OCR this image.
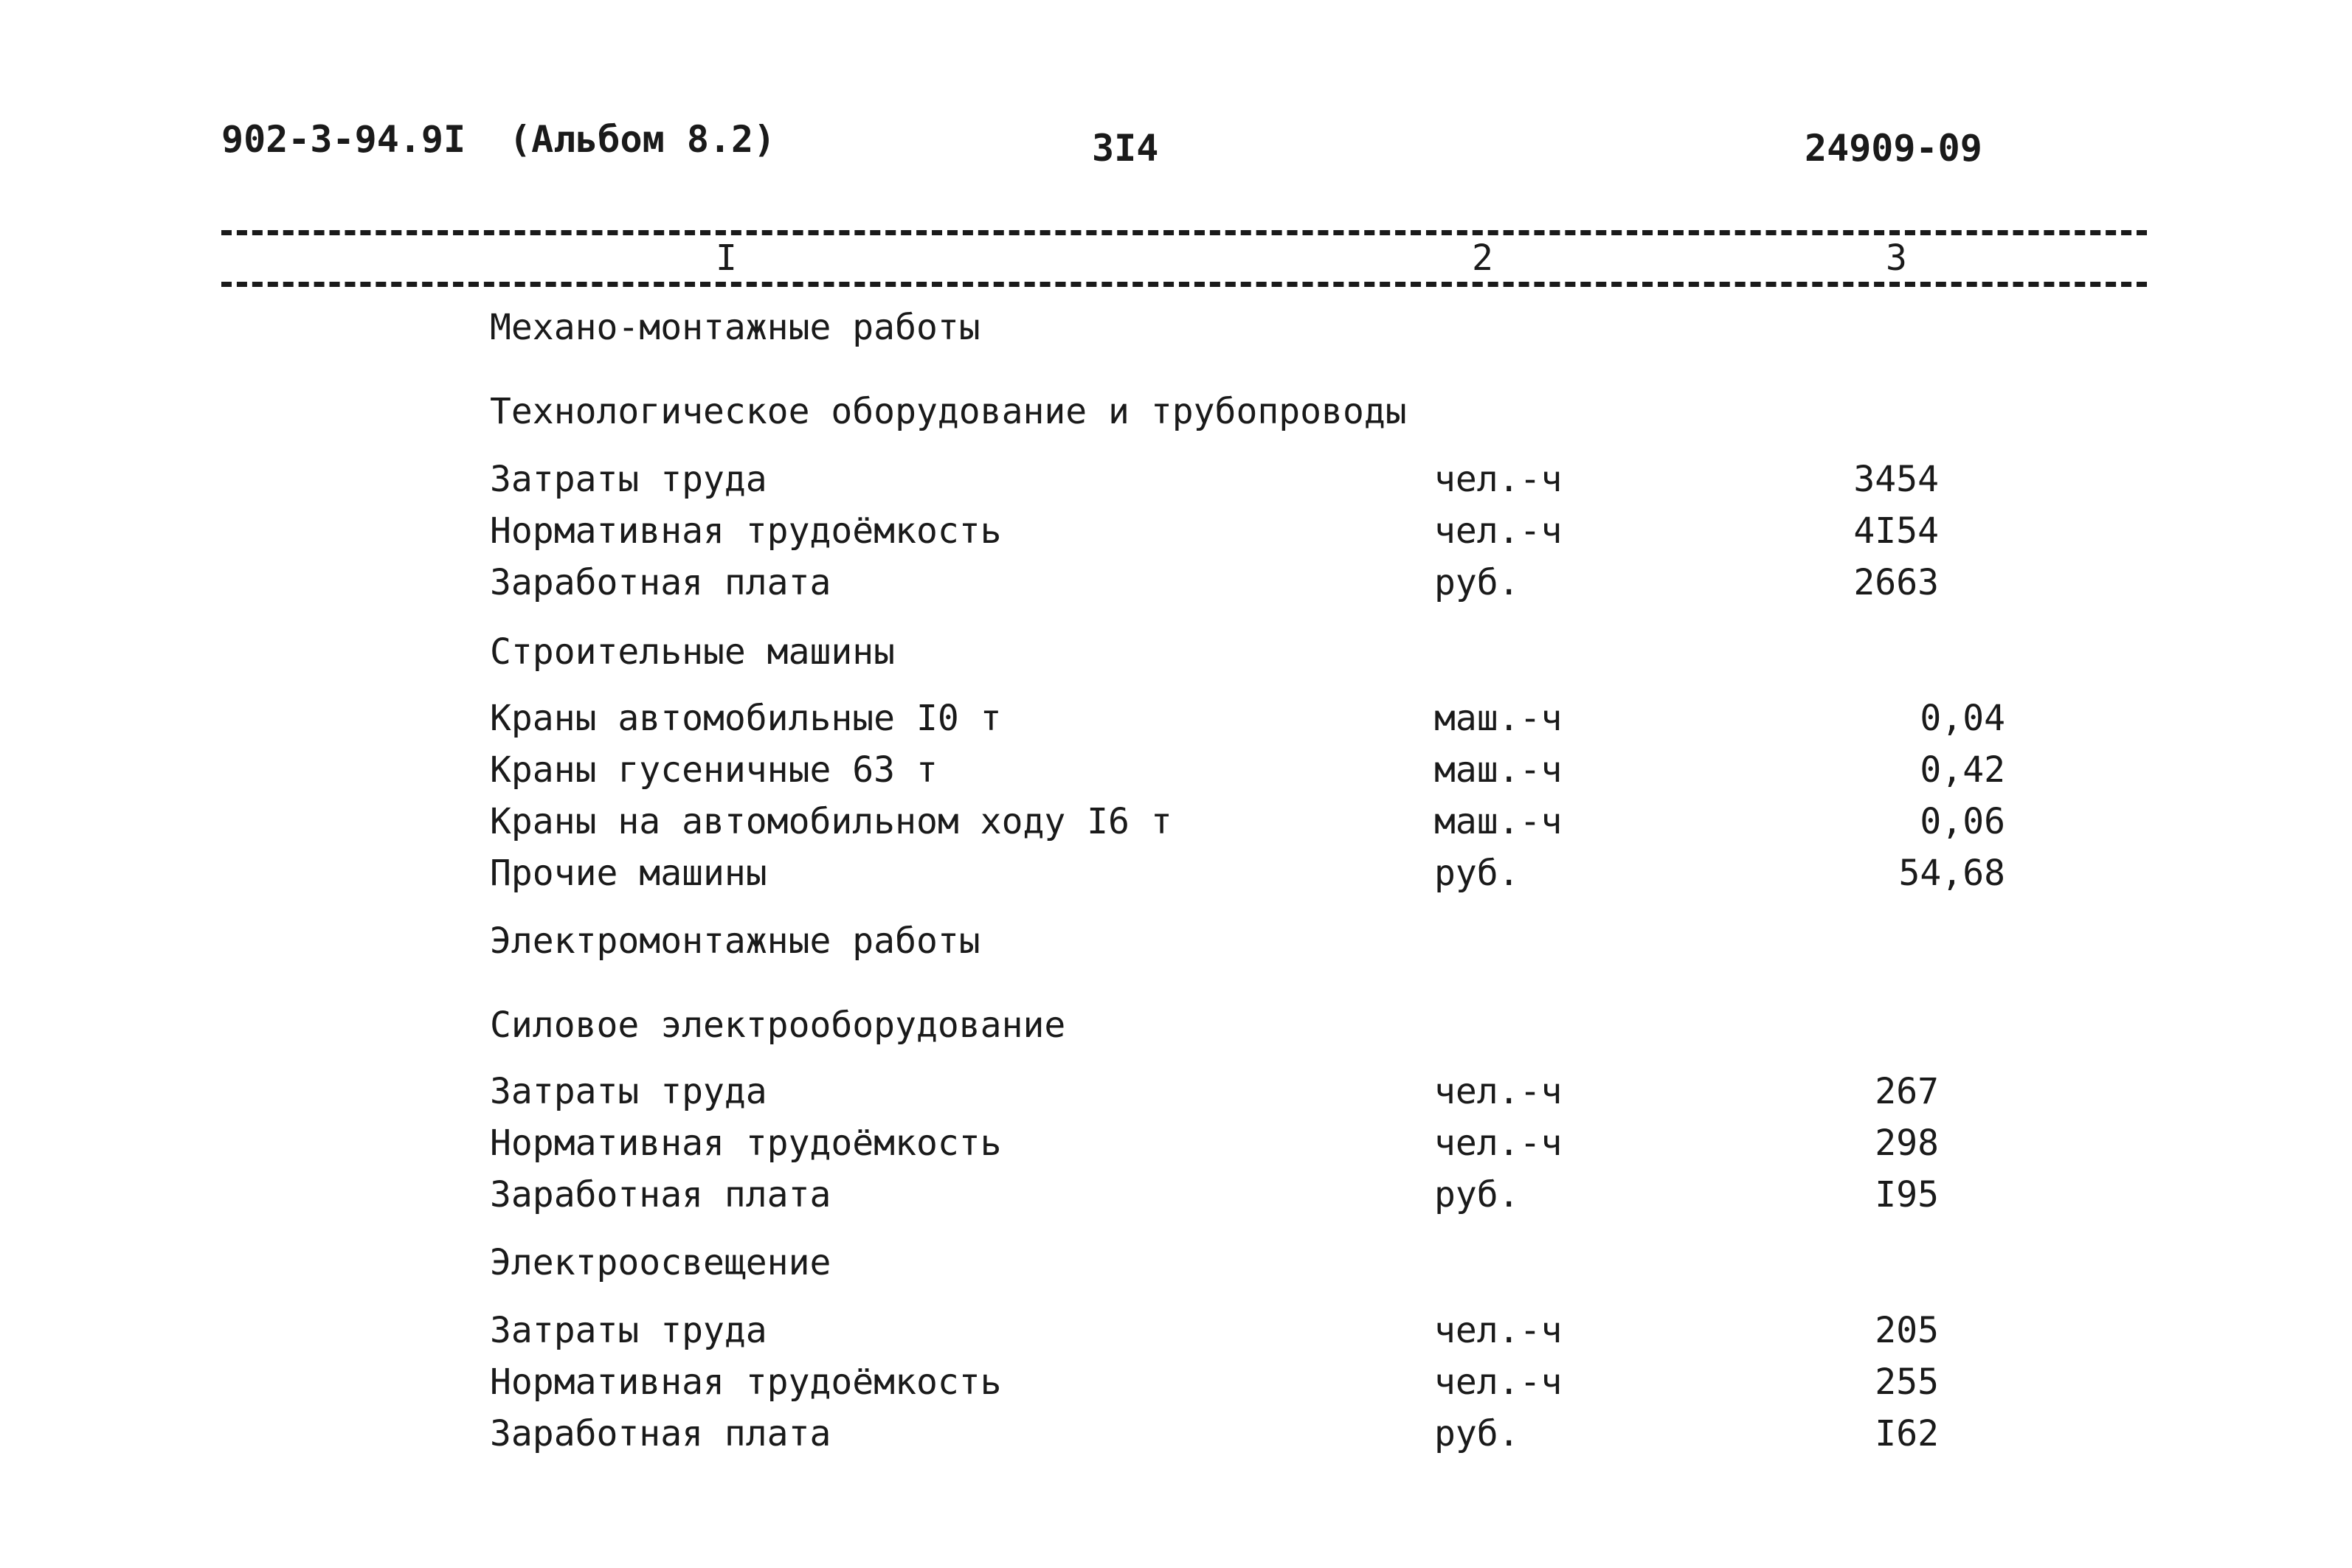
902-3-94.9I (Альбом 8.2)	3I4	24909-09
I	2	3
Механо-монтажные работы
Технологическое оборудование и трубопроводы
Затраты труда	чел.-ч	3454
Нормативная трудоёмкость	чел.-ч	4I54
Заработная плата	руб.	2663
Строительные машины
Краны автомобильные I0 т	маш.-ч	0,04
Краны гусеничные 63 т	маш.-ч	0,42
Краны на автомобильном ходу I6 т	маш.-ч	0,06
Прочие машины	руб.	54,68
Электромонтажные работы
Силовое электрооборудование
Затраты труда	чел.-ч	267
Нормативная трудоёмкость	чел.-ч	298
Заработная плата	руб.	I95
Электроосвещение
Затраты труда	чел.-ч	205
Нормативная трудоёмкость	чел.-ч	255
Заработная плата	руб.	I62
